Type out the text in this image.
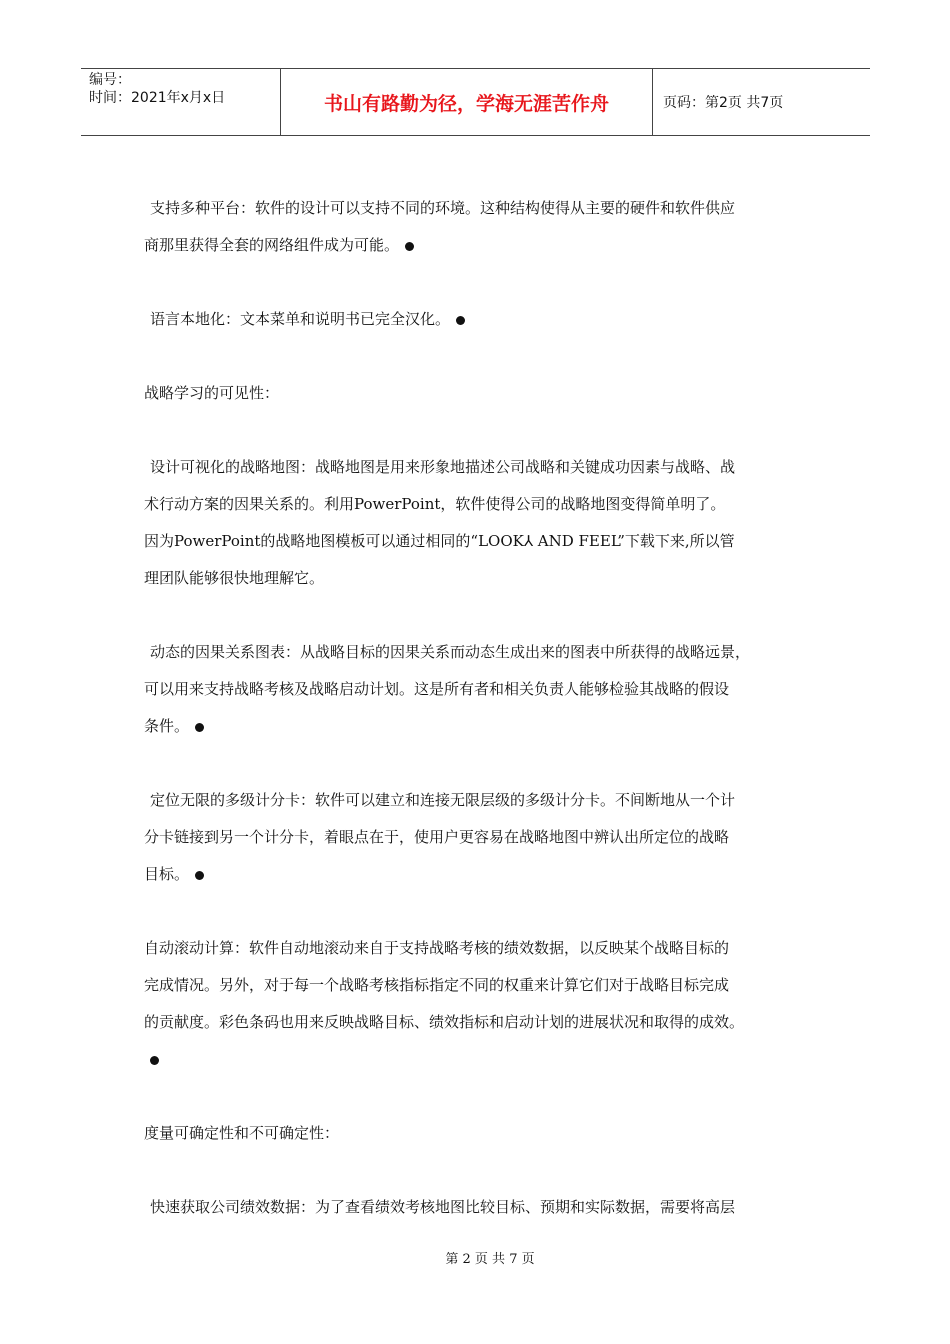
编号：
时间：2021年x月x日	书山有路勤为径，学海无涯苦作舟	页码：第2页 共7页
支持多种平台：软件的设计可以支持不同的环境。这种结构使得从主要的硬件和软件供应
商那里获得全套的网络组件成为可能。
语言本地化：文本菜单和说明书已完全汉化。
战略学习的可见性：
设计可视化的战略地图：战略地图是用来形象地描述公司战略和关键成功因素与战略、战
术行动方案的因果关系的。利用PowerPoint，软件使得公司的战略地图变得简单明了。
因为PowerPoint的战略地图模板可以通过相同的“LOOK⅄ AND FEEL”下载下来,所以管
理团队能够很快地理解它。
动态的因果关系图表：从战略目标的因果关系而动态生成出来的图表中所获得的战略远景，
可以用来支持战略考核及战略启动计划。这是所有者和相关负责人能够检验其战略的假设
条件。
定位无限的多级计分卡：软件可以建立和连接无限层级的多级计分卡。不间断地从一个计
分卡链接到另一个计分卡，着眼点在于，使用户更容易在战略地图中辨认出所定位的战略
目标。
自动滚动计算：软件自动地滚动来自于支持战略考核的绩效数据，以反映某个战略目标的
完成情况。另外，对于每一个战略考核指标指定不同的权重来计算它们对于战略目标完成
的贡献度。彩色条码也用来反映战略目标、绩效指标和启动计划的进展状况和取得的成效。
度量可确定性和不可确定性：
快速获取公司绩效数据：为了查看绩效考核地图比较目标、预期和实际数据，需要将高层
第 2 页 共 7 页
